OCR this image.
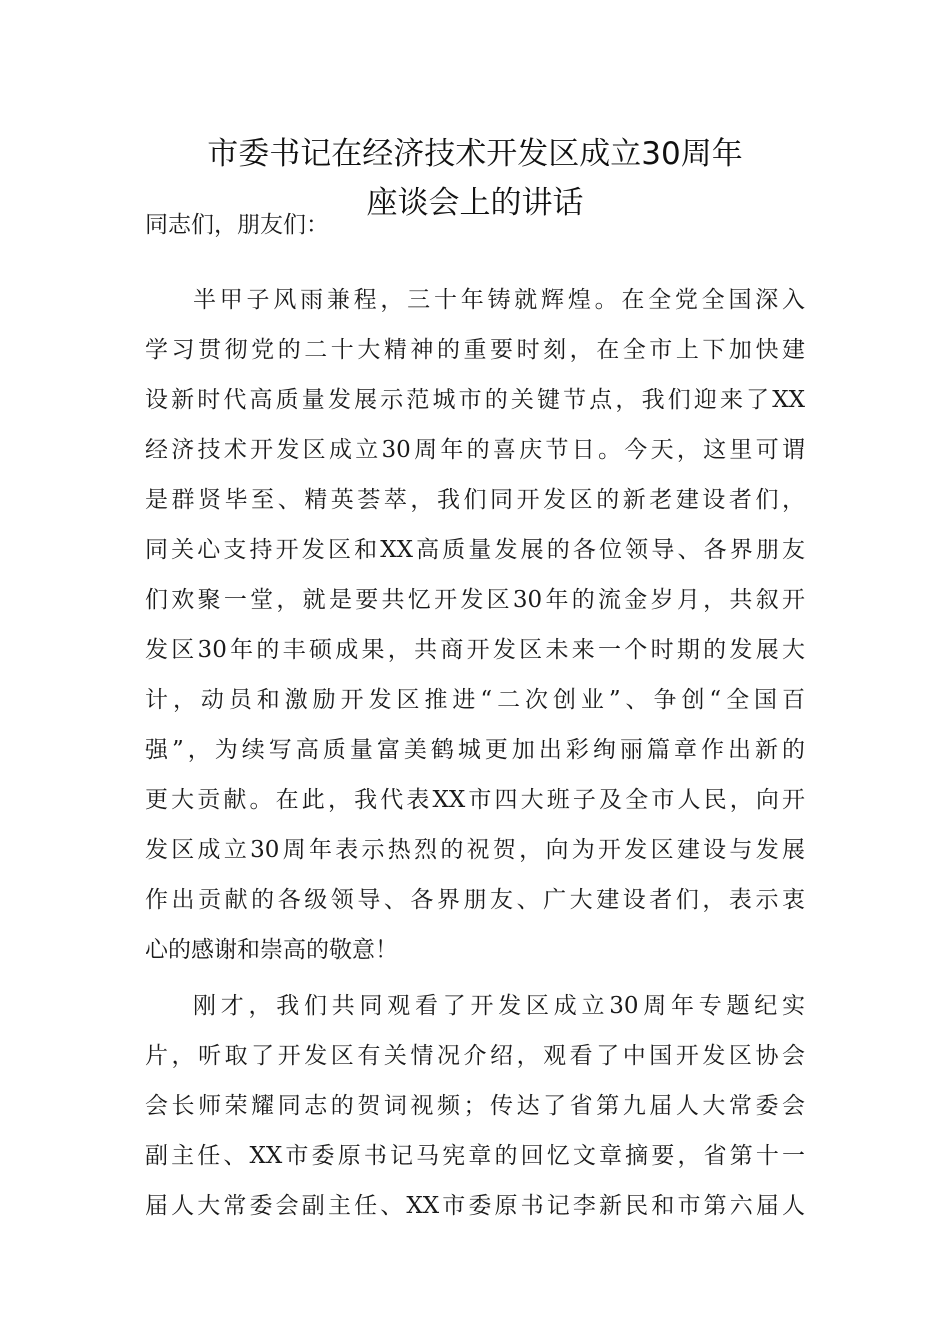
市委书记在经济技术开发区成立30周年
座谈会上的讲话
同志们，朋友们：
半甲子风雨兼程，三十年铸就辉煌。在全党全国深入
学习贯彻党的二十大精神的重要时刻，在全市上下加快建
设新时代高质量发展示范城市的关键节点，我们迎来了XX
经济技术开发区成立30周年的喜庆节日。今天，这里可谓
是群贤毕至、精英荟萃，我们同开发区的新老建设者们，
同关心支持开发区和XX高质量发展的各位领导、各界朋友
们欢聚一堂，就是要共忆开发区30年的流金岁月，共叙开
发区30年的丰硕成果，共商开发区未来一个时期的发展大
计，动员和激励开发区推进“二次创业”、争创“全国百
强”，为续写高质量富美鹤城更加出彩绚丽篇章作出新的
更大贡献。在此，我代表XX市四大班子及全市人民，向开
发区成立30周年表示热烈的祝贺，向为开发区建设与发展
作出贡献的各级领导、各界朋友、广大建设者们，表示衷
心的感谢和崇高的敬意！
刚才，我们共同观看了开发区成立30周年专题纪实
片，听取了开发区有关情况介绍，观看了中国开发区协会
会长师荣耀同志的贺词视频；传达了省第九届人大常委会
副主任、XX市委原书记马宪章的回忆文章摘要，省第十一
届人大常委会副主任、XX市委原书记李新民和市第六届人
